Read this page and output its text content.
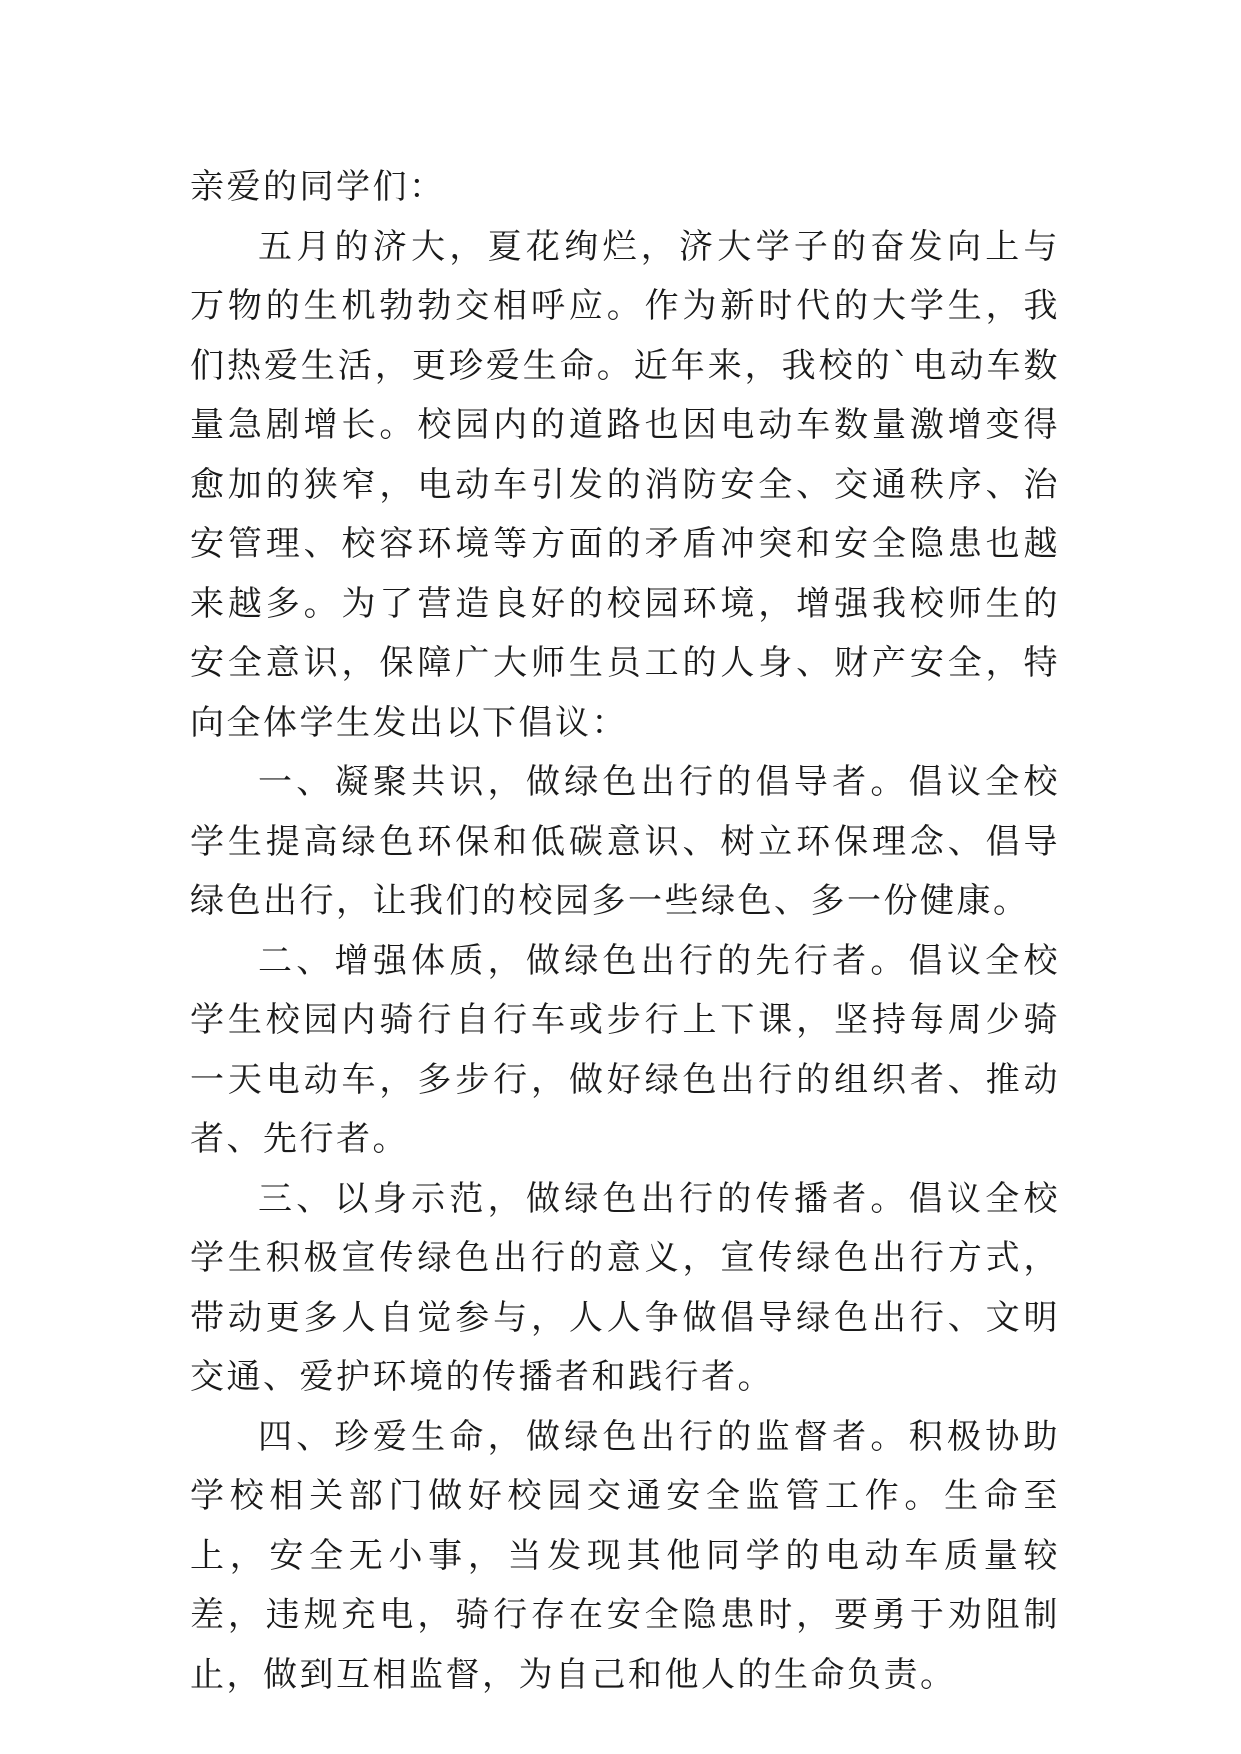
亲爱的同学们：

五月的济大，夏花绚烂，济大学子的奋发向上与万物的生机勃勃交相呼应。作为新时代的大学生，我们热爱生活，更珍爱生命。近年来，我校的`电动车数量急剧增长。校园内的道路也因电动车数量激增变得愈加的狭窄，电动车引发的消防安全、交通秩序、治安管理、校容环境等方面的矛盾冲突和安全隐患也越来越多。为了营造良好的校园环境，增强我校师生的安全意识，保障广大师生员工的人身、财产安全，特向全体学生发出以下倡议：

一、凝聚共识，做绿色出行的倡导者。倡议全校学生提高绿色环保和低碳意识、树立环保理念、倡导绿色出行，让我们的校园多一些绿色、多一份健康。

二、增强体质，做绿色出行的先行者。倡议全校学生校园内骑行自行车或步行上下课，坚持每周少骑一天电动车，多步行，做好绿色出行的组织者、推动者、先行者。

三、以身示范，做绿色出行的传播者。倡议全校学生积极宣传绿色出行的意义，宣传绿色出行方式，带动更多人自觉参与，人人争做倡导绿色出行、文明交通、爱护环境的传播者和践行者。

四、珍爱生命，做绿色出行的监督者。积极协助学校相关部门做好校园交通安全监管工作。生命至上，安全无小事，当发现其他同学的电动车质量较差，违规充电，骑行存在安全隐患时，要勇于劝阻制止，做到互相监督，为自己和他人的生命负责。
